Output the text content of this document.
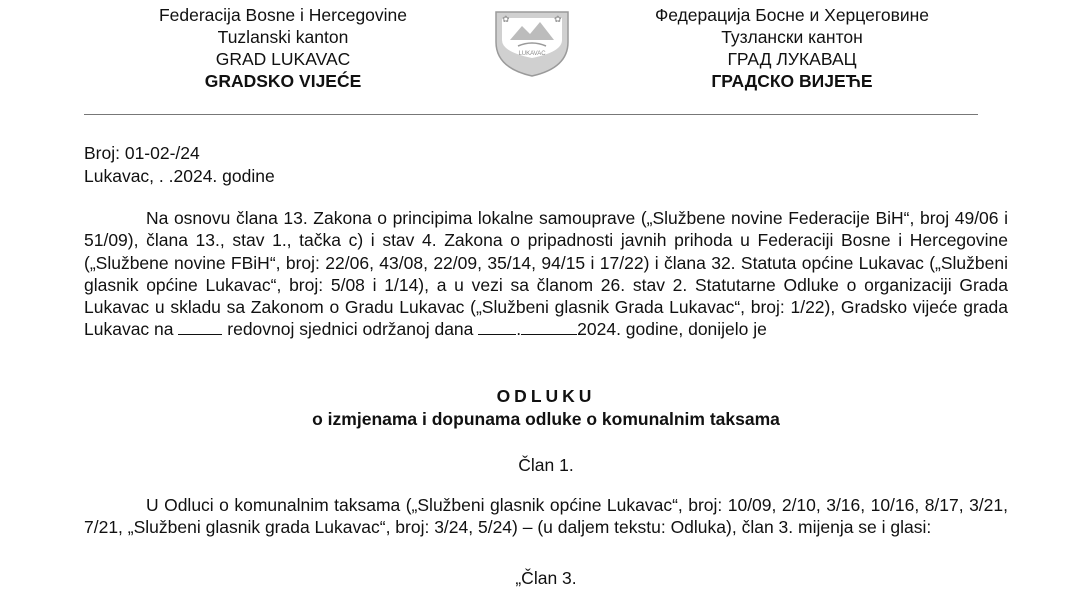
Federacija Bosne i Hercegovine
Tuzlanski kanton
GRAD LUKAVAC
GRADSKO VIJEĆE
✿	✿
LUKAVAC
Федерација Босне и Херцеговине
Тузлански кантон
ГРАД ЛУКАВАЦ
ГРАДСКО ВИЈЕЋЕ
Broj: 01-02-/24
Lukavac, . .2024. godine
Na osnovu člana 13. Zakona o principima lokalne samouprave („Službene novine Federacije BiH“, broj 49/06 i 51/09), člana 13., stav 1., tačka c) i stav 4. Zakona o pripadnosti javnih prihoda u Federaciji Bosne i Hercegovine („Službene novine FBiH“, broj: 22/06, 43/08, 22/09, 35/14, 94/15 i 17/22) i člana 32. Statuta općine Lukavac („Službeni glasnik općine Lukavac“, broj: 5/08 i 1/14), a u vezi sa članom 26. stav 2. Statutarne Odluke o organizaciji Grada Lukavac u skladu sa Zakonom o Gradu Lukavac („Službeni glasnik Grada Lukavac“, broj: 1/22), Gradsko vijeće grada Lukavac na	redovnoj sjednici održanoj dana .	2024. godine, donijelo je
ODLUKU
o izmjenama i dopunama odluke o komunalnim taksama
Član 1.
U Odluci o komunalnim taksama („Službeni glasnik općine Lukavac“, broj: 10/09, 2/10, 3/16, 10/16, 8/17, 3/21, 7/21, „Službeni glasnik grada Lukavac“, broj: 3/24, 5/24) – (u daljem tekstu: Odluka), član 3. mijenja se i glasi:
„Član 3.
